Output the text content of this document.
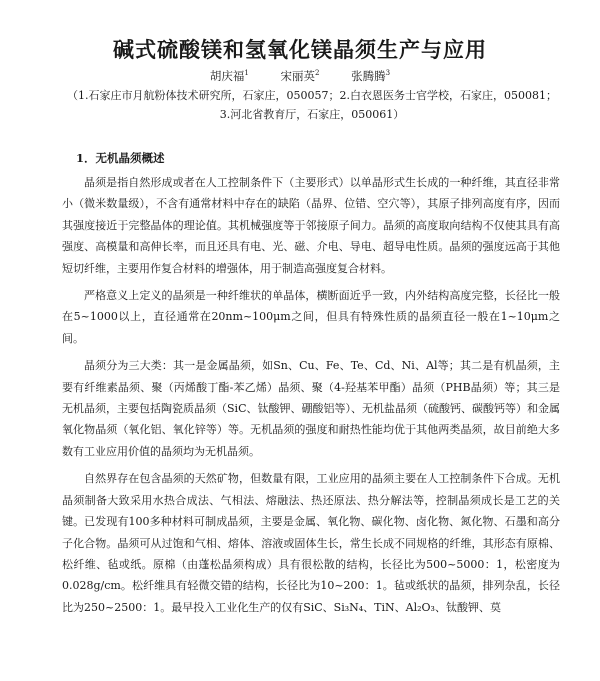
碱式硫酸镁和氢氧化镁晶须生产与应用
胡庆福$^1$	宋丽英$^2$	张腾腾$^3$
（1.石家庄市月航粉体技术研究所，石家庄，050057；2.白衣恩医务士官学校，石家庄，050081；3.河北省教育厅，石家庄，050061）
1．无机晶须概述

晶须是指自然形成或者在人工控制条件下（主要形式）以单晶形式生长成的一种纤维，其直径非常小（微米数量级），不含有通常材料中存在的缺陷（晶界、位错、空穴等），其原子排列高度有序，因而其强度接近于完整晶体的理论值。其机械强度等于邻接原子间力。晶须的高度取向结构不仅使其具有高强度、高模量和高伸长率，而且还具有电、光、磁、介电、导电、超导电性质。晶须的强度远高于其他短切纤维，主要用作复合材料的增强体，用于制造高强度复合材料。

严格意义上定义的晶须是一种纤维状的单晶体，横断面近乎一致，内外结构高度完整，长径比一般在5~1000以上，直径通常在20nm~100μm之间，但具有特殊性质的晶须直径一般在1~10μm之间。

晶须分为三大类：其一是金属晶须，如Sn、Cu、Fe、Te、Cd、Ni、Al等；其二是有机晶须，主要有纤维素晶须、聚（丙烯酸丁酯-苯乙烯）晶须、聚（4-羟基苯甲酯）晶须（PHB晶须）等；其三是无机晶须，主要包括陶瓷质晶须（SiC、钛酸钾、硼酸铝等）、无机盐晶须（硫酸钙、碳酸钙等）和金属氧化物晶须（氧化铝、氧化锌等）等。无机晶须的强度和耐热性能均优于其他两类晶须，故目前绝大多数有工业应用价值的晶须均为无机晶须。

自然界存在包含晶须的天然矿物，但数量有限，工业应用的晶须主要在人工控制条件下合成。无机晶须制备大致采用水热合成法、气相法、熔融法、热还原法、热分解法等，控制晶须成长是工艺的关键。已发现有100多种材料可制成晶须，主要是金属、氧化物、碳化物、卤化物、氮化物、石墨和高分子化合物。晶须可从过饱和气相、熔体、溶液或固体生长，常生长成不同规格的纤维，其形态有原棉、松纤维、毡或纸。原棉（由蓬松晶须构成）具有很松散的结构，长径比为500~5000：1，松密度为0.028g/cm。松纤维具有轻微交错的结构，长径比为10~200：1。毡或纸状的晶须，排列杂乱，长径比为250~2500：1。最早投入工业化生产的仅有SiC、Si₃N₄、TiN、Al₂O₃、钛酸钾、莫
